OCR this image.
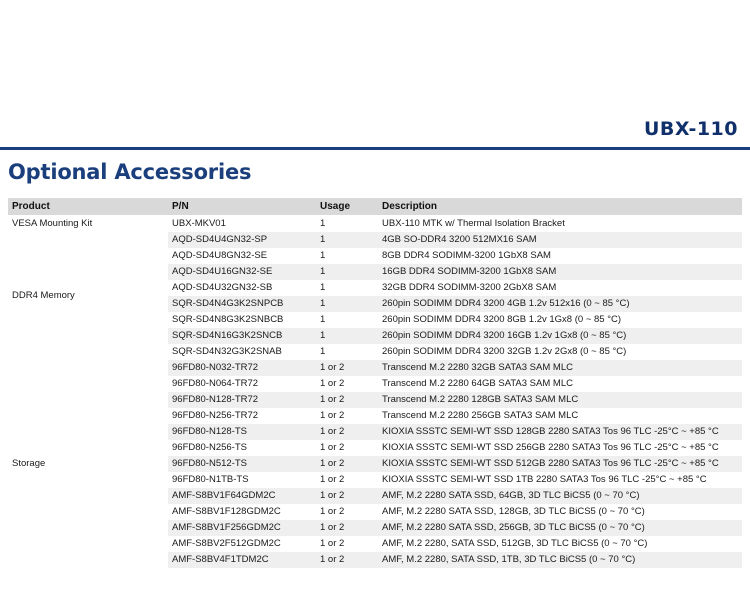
UBX-110
Optional Accessories
Product	P/N	Usage	Description
VESA Mounting Kit	UBX-MKV01	1	UBX-110 MTK w/ Thermal Isolation Bracket
DDR4 Memory	AQD-SD4U4GN32-SP	1	4GB SO-DDR4 3200 512MX16 SAM
	AQD-SD4U8GN32-SE	1	8GB DDR4 SODIMM-3200 1GbX8 SAM
	AQD-SD4U16GN32-SE	1	16GB DDR4 SODIMM-3200 1GbX8 SAM
	AQD-SD4U32GN32-SB	1	32GB DDR4 SODIMM-3200 2GbX8 SAM
	SQR-SD4N4G3K2SNPCB	1	260pin SODIMM DDR4 3200 4GB 1.2v 512x16 (0 ~ 85 °C)
	SQR-SD4N8G3K2SNBCB	1	260pin SODIMM DDR4 3200 8GB 1.2v 1Gx8 (0 ~ 85 °C)
	SQR-SD4N16G3K2SNCB	1	260pin SODIMM DDR4 3200 16GB 1.2v 1Gx8 (0 ~ 85 °C)
	SQR-SD4N32G3K2SNAB	1	260pin SODIMM DDR4 3200 32GB 1.2v 2Gx8 (0 ~ 85 °C)
Storage	96FD80-N032-TR72	1 or 2	Transcend M.2 2280 32GB SATA3 SAM MLC
	96FD80-N064-TR72	1 or 2	Transcend M.2 2280 64GB SATA3 SAM MLC
	96FD80-N128-TR72	1 or 2	Transcend M.2 2280 128GB SATA3 SAM MLC
	96FD80-N256-TR72	1 or 2	Transcend M.2 2280 256GB SATA3 SAM MLC
	96FD80-N128-TS	1 or 2	KIOXIA SSSTC SEMI-WT SSD 128GB 2280 SATA3 Tos 96 TLC -25°C ~ +85 °C
	96FD80-N256-TS	1 or 2	KIOXIA SSSTC SEMI-WT SSD 256GB 2280 SATA3 Tos 96 TLC -25°C ~ +85 °C
	96FD80-N512-TS	1 or 2	KIOXIA SSSTC SEMI-WT SSD 512GB 2280 SATA3 Tos 96 TLC -25°C ~ +85 °C
	96FD80-N1TB-TS	1 or 2	KIOXIA SSSTC SEMI-WT SSD 1TB 2280 SATA3 Tos 96 TLC -25°C ~ +85 °C
	AMF-S8BV1F64GDM2C	1 or 2	AMF, M.2 2280 SATA SSD, 64GB, 3D TLC BiCS5 (0 ~ 70 °C)
	AMF-S8BV1F128GDM2C	1 or 2	AMF, M.2 2280 SATA SSD, 128GB, 3D TLC BiCS5 (0 ~ 70 °C)
	AMF-S8BV1F256GDM2C	1 or 2	AMF, M.2 2280 SATA SSD, 256GB, 3D TLC BiCS5 (0 ~ 70 °C)
	AMF-S8BV2F512GDM2C	1 or 2	AMF, M.2 2280, SATA SSD, 512GB, 3D TLC BiCS5 (0 ~ 70 °C)
	AMF-S8BV4F1TDM2C	1 or 2	AMF, M.2 2280, SATA SSD, 1TB, 3D TLC BiCS5 (0 ~ 70 °C)
